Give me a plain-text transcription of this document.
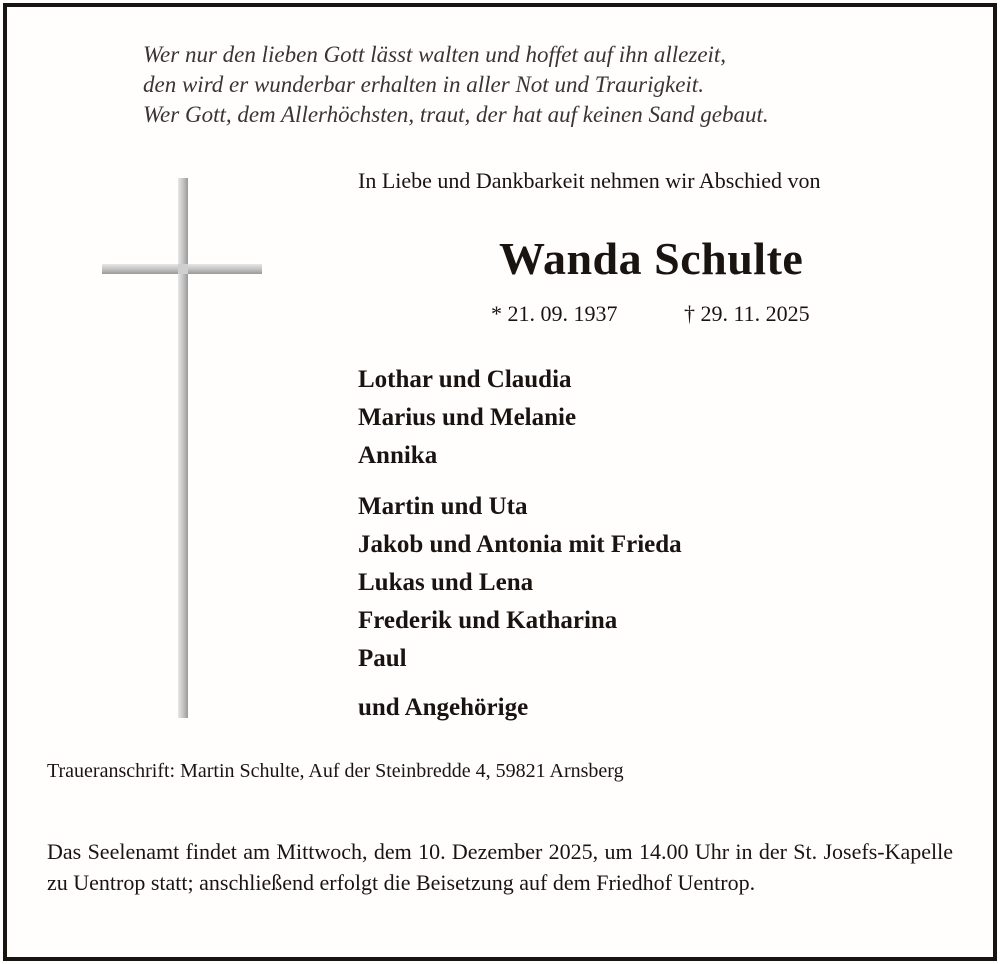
Wer nur den lieben Gott lässt walten und hoffet auf ihn allezeit,
den wird er wunderbar erhalten in aller Not und Traurigkeit.
Wer Gott, dem Allerhöchsten, traut, der hat auf keinen Sand gebaut.
In Liebe und Dankbarkeit nehmen wir Abschied von
Wanda Schulte
* 21. 09. 1937	† 29. 11. 2025
Lothar und Claudia
Marius und Melanie
Annika
Martin und Uta
Jakob und Antonia mit Frieda
Lukas und Lena
Frederik und Katharina
Paul
und Angehörige
Traueranschrift: Martin Schulte, Auf der Steinbredde 4, 59821 Arnsberg
Das Seelenamt findet am Mittwoch, dem 10. Dezember 2025, um 14.00 Uhr in der St. Josefs-Kapelle zu Uentrop statt; anschließend erfolgt die Beisetzung auf dem Friedhof Uentrop.
